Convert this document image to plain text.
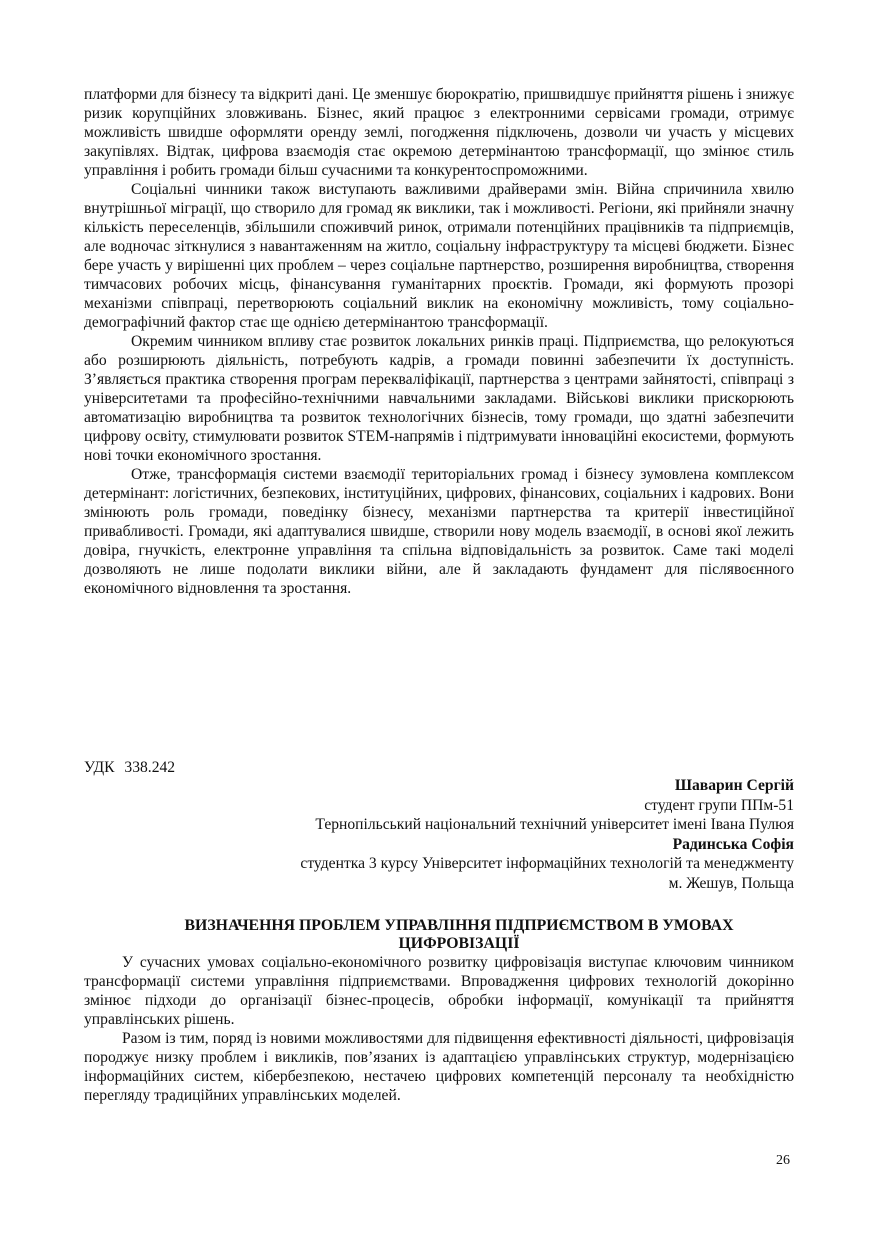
платформи для бізнесу та відкриті дані. Це зменшує бюрократію, пришвидшує прийняття рішень і знижує ризик корупційних зловживань. Бізнес, який працює з електронними сервісами громади, отримує можливість швидше оформляти оренду землі, погодження підключень, дозволи чи участь у місцевих закупівлях. Відтак, цифрова взаємодія стає окремою детермінантою трансформації, що змінює стиль управління і робить громади більш сучасними та конкурентоспроможними.

Соціальні чинники також виступають важливими драйверами змін. Війна спричинила хвилю внутрішньої міграції, що створило для громад як виклики, так і можливості. Регіони, які прийняли значну кількість переселенців, збільшили споживчий ринок, отримали потенційних працівників та підприємців, але водночас зіткнулися з навантаженням на житло, соціальну інфраструктуру та місцеві бюджети. Бізнес бере участь у вирішенні цих проблем – через соціальне партнерство, розширення виробництва, створення тимчасових робочих місць, фінансування гуманітарних проєктів. Громади, які формують прозорі механізми співпраці, перетворюють соціальний виклик на економічну можливість, тому соціально-демографічний фактор стає ще однією детермінантою трансформації.

Окремим чинником впливу стає розвиток локальних ринків праці. Підприємства, що релокуються або розширюють діяльність, потребують кадрів, а громади повинні забезпечити їх доступність. З’являється практика створення програм перекваліфікації, партнерства з центрами зайнятості, співпраці з університетами та професійно-технічними навчальними закладами. Військові виклики прискорюють автоматизацію виробництва та розвиток технологічних бізнесів, тому громади, що здатні забезпечити цифрову освіту, стимулювати розвиток STEM-напрямів і підтримувати інноваційні екосистеми, формують нові точки економічного зростання.

Отже, трансформація системи взаємодії територіальних громад і бізнесу зумовлена комплексом детермінант: логістичних, безпекових, інституційних, цифрових, фінансових, соціальних і кадрових. Вони змінюють роль громади, поведінку бізнесу, механізми партнерства та критерії інвестиційної привабливості. Громади, які адаптувалися швидше, створили нову модель взаємодії, в основі якої лежить довіра, гнучкість, електронне управління та спільна відповідальність за розвиток. Саме такі моделі дозволяють не лише подолати виклики війни, але й закладають фундамент для післявоєнного економічного відновлення та зростання.

УДК 338.242
Шаварин Сергій
студент групи ППм-51
Тернопільський національний технічний університет імені Івана Пулюя
Радинська Софія
студентка 3 курсу Університет інформаційних технологій та менеджменту
м. Жешув, Польща
ВИЗНАЧЕННЯ ПРОБЛЕМ УПРАВЛІННЯ ПІДПРИЄМСТВОМ В УМОВАХ
ЦИФРОВІЗАЦІЇ

У сучасних умовах соціально-економічного розвитку цифровізація виступає ключовим чинником трансформації системи управління підприємствами. Впровадження цифрових технологій докорінно змінює підходи до організації бізнес-процесів, обробки інформації, комунікації та прийняття управлінських рішень.

Разом із тим, поряд із новими можливостями для підвищення ефективності діяльності, цифровізація породжує низку проблем і викликів, пов’язаних із адаптацією управлінських структур, модернізацією інформаційних систем, кібербезпекою, нестачею цифрових компетенцій персоналу та необхідністю перегляду традиційних управлінських моделей.

26
